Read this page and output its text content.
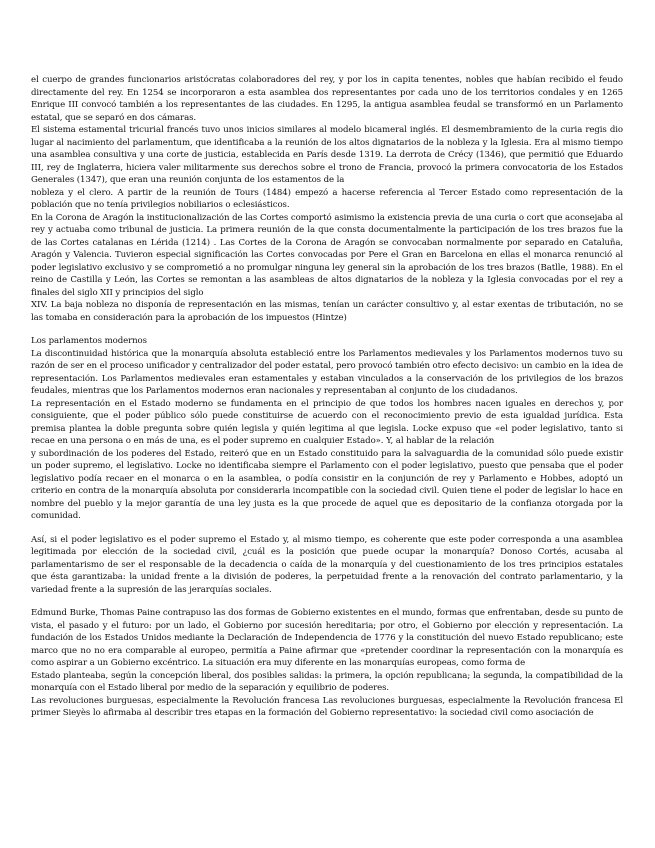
el cuerpo de grandes funcionarios aristócratas colaboradores del rey, y por los in capita tenentes, nobles que habían recibido el feudo directamente del rey. En 1254 se incorporaron a esta asamblea dos representantes por cada uno de los territorios condales y en 1265 Enrique III convocó también a los representantes de las ciudades. En 1295, la antigua asamblea feudal se transformó en un Parlamento estatal, que se separó en dos cámaras.

El sistema estamental tricurial francés tuvo unos inicios similares al modelo bicameral inglés. El desmembramiento de la curia regis dio lugar al nacimiento del parlamentum, que identificaba a la reunión de los altos dignatarios de la nobleza y la Iglesia. Era al mismo tiempo una asamblea consultiva y una corte de justicia, establecida en París desde 1319. La derrota de Crécy (1346), que permitió que Eduardo III, rey de Inglaterra, hiciera valer militarmente sus derechos sobre el trono de Francia, provocó la primera convocatoria de los Estados Generales (1347), que eran una reunión conjunta de los estamentos de la

nobleza y el clero. A partir de la reunión de Tours (1484) empezó a hacerse referencia al Tercer Estado como representación de la población que no tenía privilegios nobiliarios o eclesiásticos.

En la Corona de Aragón la institucionalización de las Cortes comportó asimismo la existencia previa de una curia o cort que aconsejaba al rey y actuaba como tribunal de justicia. La primera reunión de la que consta documentalmente la participación de los tres brazos fue la de las Cortes catalanas en Lérida (1214) . Las Cortes de la Corona de Aragón se convocaban normalmente por separado en Cataluña, Aragón y Valencia. Tuvieron especial significación las Cortes convocadas por Pere el Gran en Barcelona en ellas el monarca renunció al poder legislativo exclusivo y se comprometió a no promulgar ninguna ley general sin la aprobación de los tres brazos (Batlle, 1988). En el reino de Castilla y León, las Cortes se remontan a las asambleas de altos dignatarios de la nobleza y la Iglesia convocadas por el rey a finales del siglo XII y principios del siglo

XIV. La baja nobleza no disponía de representación en las mismas, tenían un carácter consultivo y, al estar exentas de tributación, no se las tomaba en consideración para la aprobación de los impuestos (Hintze)

Los parlamentos modernos

La discontinuidad histórica que la monarquía absoluta estableció entre los Parlamentos medievales y los Parlamentos modernos tuvo su razón de ser en el proceso unificador y centralizador del poder estatal, pero provocó también otro efecto decisivo: un cambio en la idea de representación. Los Parlamentos medievales eran estamentales y estaban vinculados a la conservación de los privilegios de los brazos feudales, mientras que los Parlamentos modernos eran nacionales y representaban al conjunto de los ciudadanos.

La representación en el Estado moderno se fundamenta en el principio de que todos los hombres nacen iguales en derechos y, por consiguiente, que el poder público sólo puede constituirse de acuerdo con el reconocimiento previo de esta igualdad jurídica. Esta premisa plantea la doble pregunta sobre quién legisla y quién legitima al que legisla. Locke expuso que «el poder legislativo, tanto si recae en una persona o en más de una, es el poder supremo en cualquier Estado». Y, al hablar de la relación

y subordinación de los poderes del Estado, reiteró que en un Estado constituido para la salvaguardia de la comunidad sólo puede existir un poder supremo, el legislativo. Locke no identificaba siempre el Parlamento con el poder legislativo, puesto que pensaba que el poder legislativo podía recaer en el monarca o en la asamblea, o podía consistir en la conjunción de rey y Parlamento e Hobbes, adoptó un criterio en contra de la monarquía absoluta por considerarla incompatible con la sociedad civil. Quien tiene el poder de legislar lo hace en nombre del pueblo y la mejor garantía de una ley justa es la que procede de aquel que es depositario de la confianza otorgada por la comunidad.

Así, si el poder legislativo es el poder supremo el Estado y, al mismo tiempo, es coherente que este poder corresponda a una asamblea legitimada por elección de la sociedad civil, ¿cuál es la posición que puede ocupar la monarquía? Donoso Cortés, acusaba al parlamentarismo de ser el responsable de la decadencia o caída de la monarquía y del cuestionamiento de los tres principios estatales que ésta garantizaba: la unidad frente a la división de poderes, la perpetuidad frente a la renovación del contrato parlamentario, y la variedad frente a la supresión de las jerarquías sociales.

Edmund Burke, Thomas Paine contrapuso las dos formas de Gobierno existentes en el mundo, formas que enfrentaban, desde su punto de vista, el pasado y el futuro: por un lado, el Gobierno por sucesión hereditaria; por otro, el Gobierno por elección y representación. La fundación de los Estados Unidos mediante la Declaración de Independencia de 1776 y la constitución del nuevo Estado republicano; este marco que no no era comparable al europeo, permitía a Paine afirmar que «pretender coordinar la representación con la monarquía es como aspirar a un Gobierno excéntrico. La situación era muy diferente en las monarquías europeas, como forma de

Estado planteaba, según la concepción liberal, dos posibles salidas: la primera, la opción republicana; la segunda, la compatibilidad de la monarquía con el Estado liberal por medio de la separación y equilibrio de poderes.

Las revoluciones burguesas, especialmente la Revolución francesa Las revoluciones burguesas, especialmente la Revolución francesa El primer Sieyès lo afirmaba al describir tres etapas en la formación del Gobierno representativo: la sociedad civil como asociación de
